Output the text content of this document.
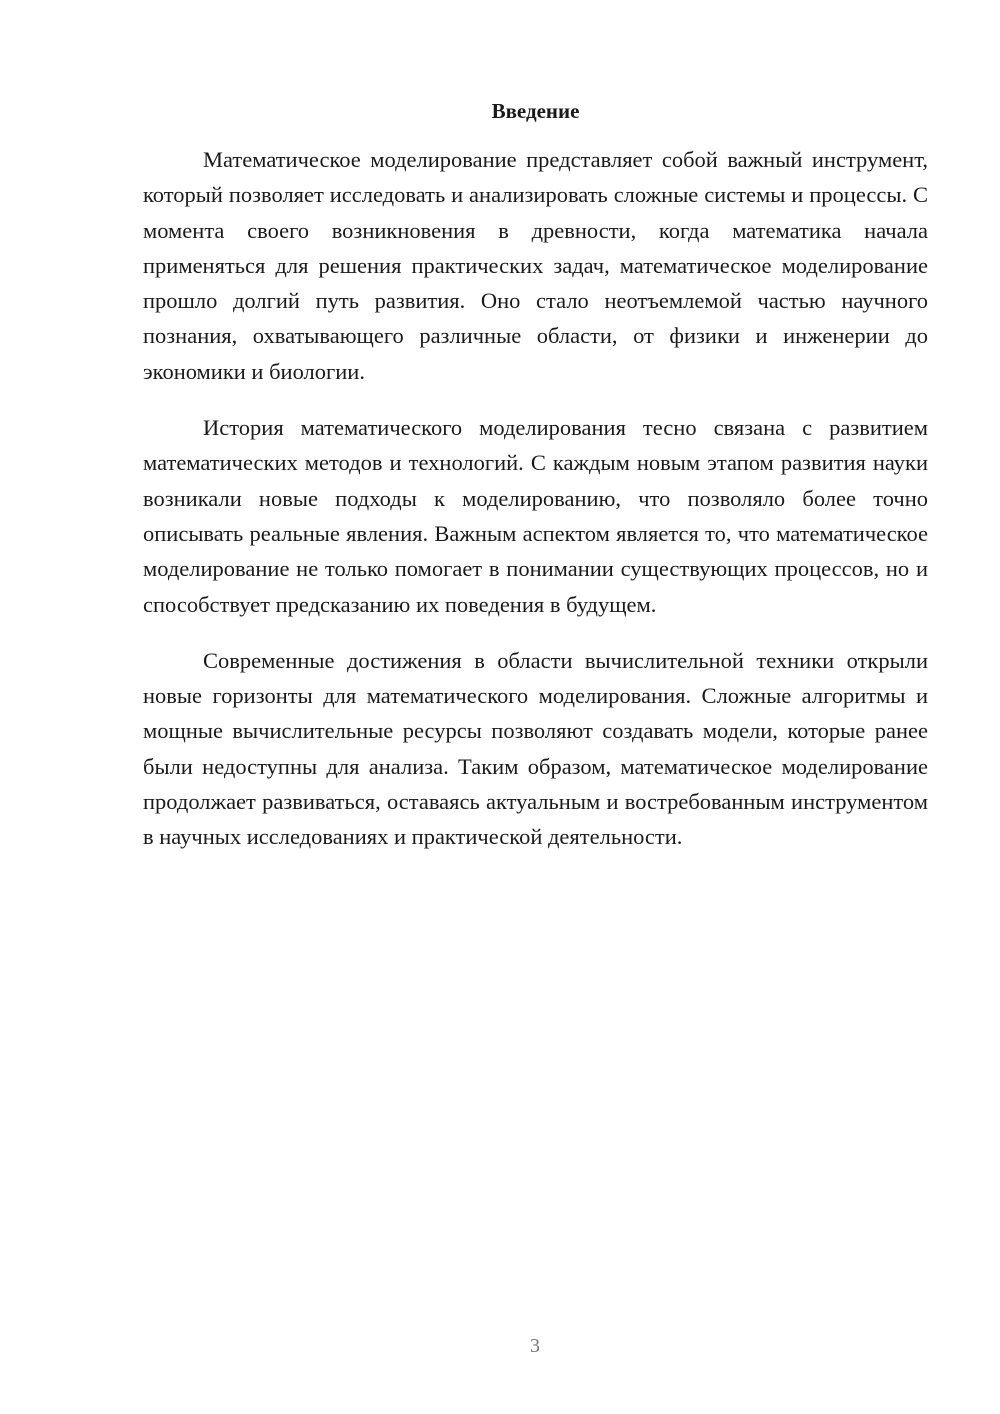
Введение

Математическое моделирование представляет собой важный инструмент, который позволяет исследовать и анализировать сложные системы и процессы. С момента своего возникновения в древности, когда математика начала применяться для решения практических задач, математическое моделирование прошло долгий путь развития. Оно стало неотъемлемой частью научного познания, охватывающего различные области, от физики и инженерии до экономики и биологии.

История математического моделирования тесно связана с развитием математических методов и технологий. С каждым новым этапом развития науки возникали новые подходы к моделированию, что позволяло более точно описывать реальные явления. Важным аспектом является то, что математическое моделирование не только помогает в понимании существующих процессов, но и способствует предсказанию их поведения в будущем.

Современные достижения в области вычислительной техники открыли новые горизонты для математического моделирования. Сложные алгоритмы и мощные вычислительные ресурсы позволяют создавать модели, которые ранее были недоступны для анализа. Таким образом, математическое моделирование продолжает развиваться, оставаясь актуальным и востребованным инструментом в научных исследованиях и практической деятельности.

3
